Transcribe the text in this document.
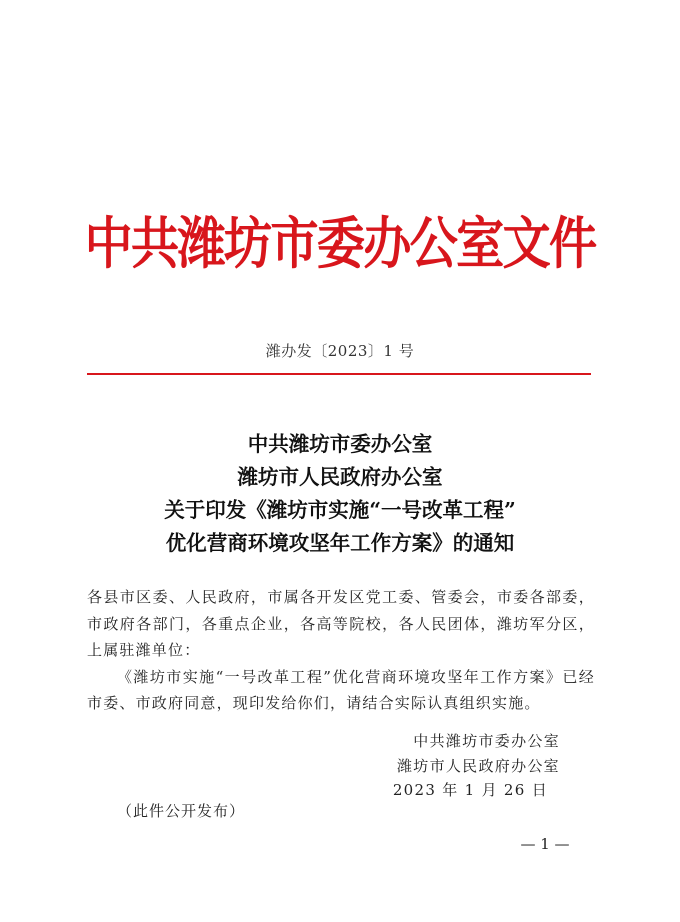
中共潍坊市委办公室文件
潍办发〔2023〕1 号
中共潍坊市委办公室
潍坊市人民政府办公室
关于印发《潍坊市实施“一号改革工程”
优化营商环境攻坚年工作方案》的通知

各县市区委、人民政府，市属各开发区党工委、管委会，市委各部委，市政府各部门，各重点企业，各高等院校，各人民团体，潍坊军分区，上属驻潍单位：

《潍坊市实施“一号改革工程”优化营商环境攻坚年工作方案》已经市委、市政府同意，现印发给你们，请结合实际认真组织实施。

中共潍坊市委办公室
潍坊市人民政府办公室
2023 年 1 月 26 日
（此件公开发布）
— 1 —
